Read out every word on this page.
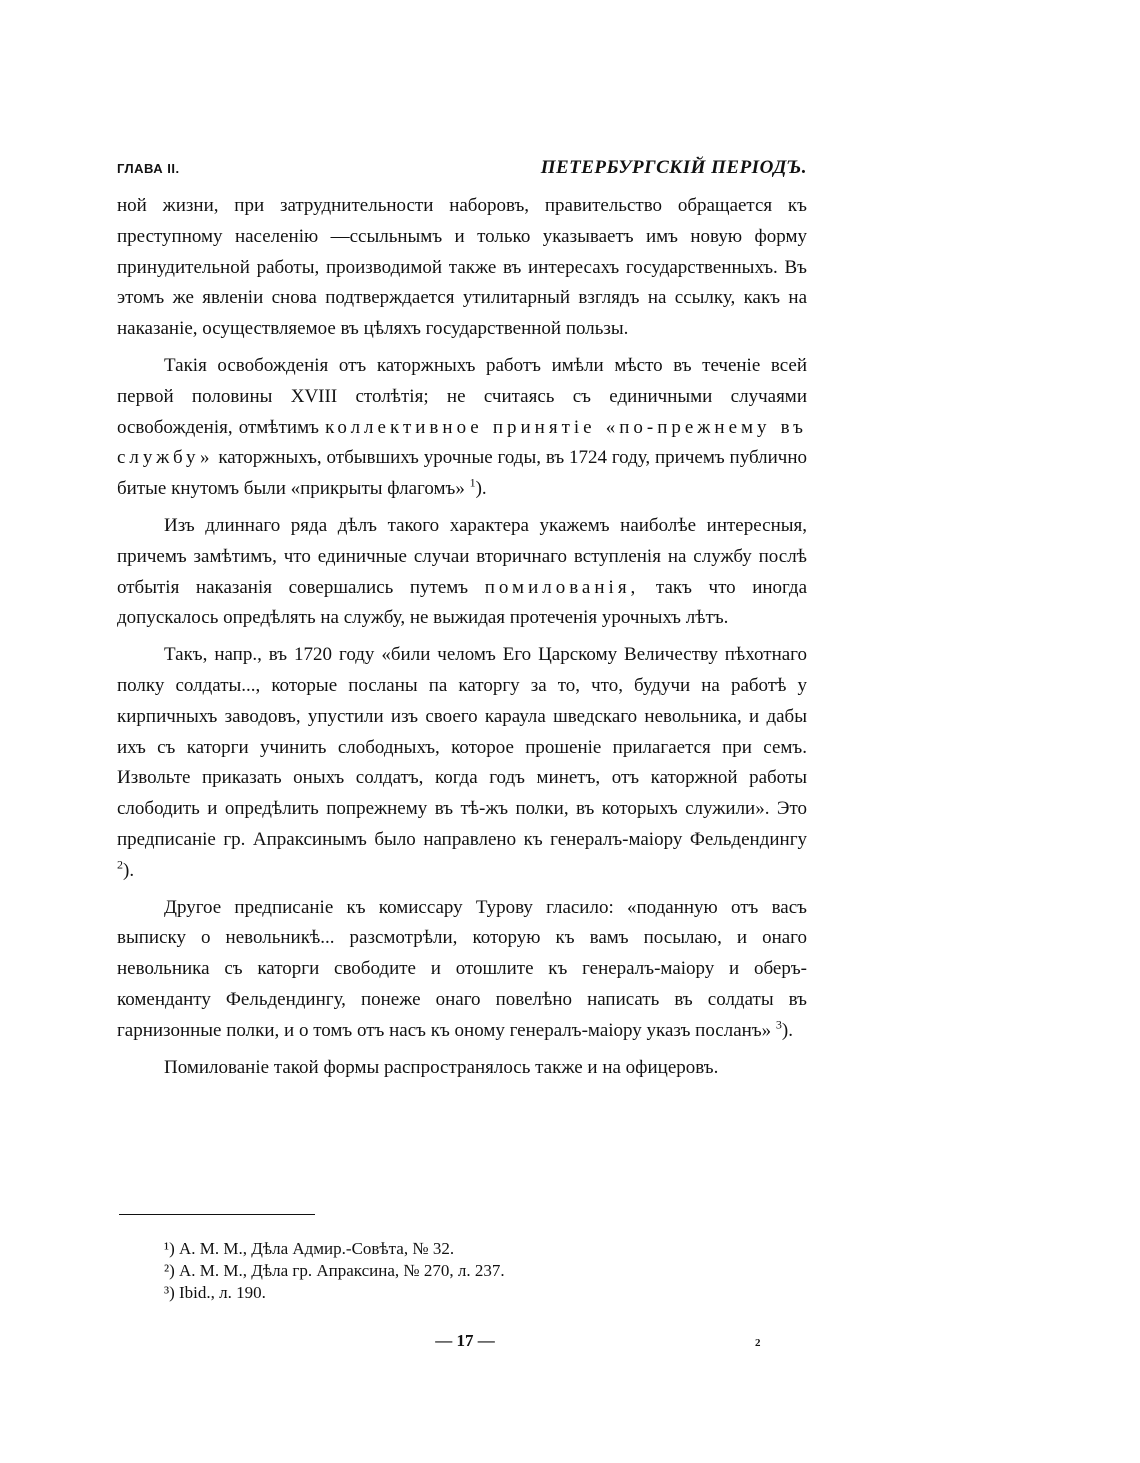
ГЛАВА II.	ПЕТЕРБУРГСКІЙ ПЕРІОДЪ.

ной жизни, при затруднительности наборовъ, правительство обращается къ преступному населенію —ссыльнымъ и только указываетъ имъ новую форму принудительной работы, производимой также въ интересахъ государственныхъ. Въ этомъ же явленіи снова подтверждается утилитарный взглядъ на ссылку, какъ на наказаніе, осуществляемое въ цѣляхъ государственной пользы.

Такія освобожденія отъ каторжныхъ работъ имѣли мѣсто въ теченіе всей первой половины XVIII столѣтія; не считаясь съ единичными случаями освобожденія, отмѣтимъ коллективное принятіе «по-прежнему въ службу» каторжныхъ, отбывшихъ урочные годы, въ 1724 году, причемъ публично битые кнутомъ были «прикрыты флагомъ» $^1$).

Изъ длиннаго ряда дѣлъ такого характера укажемъ наиболѣе интересныя, причемъ замѣтимъ, что единичные случаи вторичнаго вступленія на службу послѣ отбытія наказанія совершались путемъ помилованія, такъ что иногда допускалось опредѣлять на службу, не выжидая протеченія урочныхъ лѣтъ.

Такъ, напр., въ 1720 году «били челомъ Его Царскому Величеству пѣхотнаго полку солдаты..., которые посланы па каторгу за то, что, будучи на работѣ у кирпичныхъ заводовъ, упустили изъ своего караула шведскаго невольника, и дабы ихъ съ каторги учинить слободныхъ, которое прошеніе прилагается при семъ. Извольте приказать оныхъ солдатъ, когда годъ минетъ, отъ каторжной работы слободить и опредѣлить попрежнему въ тѣ-жъ полки, въ которыхъ служили». Это предписаніе гр. Апраксинымъ было направлено къ генералъ-маіору Фельдендингу $^2$).

Другое предписаніе къ комиссару Турову гласило: «поданную отъ васъ выписку о невольникѣ... разсмотрѣли, которую къ вамъ посылаю, и онаго невольника съ каторги свободите и отошлите къ генералъ-маіору и оберъ-коменданту Фельдендингу, понеже онаго повелѣно написать въ солдаты въ гарнизонные полки, и о томъ отъ насъ къ оному генералъ-маіору указъ посланъ» $^3$).

Помилованіе такой формы распространялось также и на офицеровъ.

¹) А. М. М., Дѣла Адмир.-Совѣта, № 32.
²) А. М. М., Дѣла гр. Апраксина, № 270, л. 237.
³) Ibid., л. 190.
— 17 —	2
